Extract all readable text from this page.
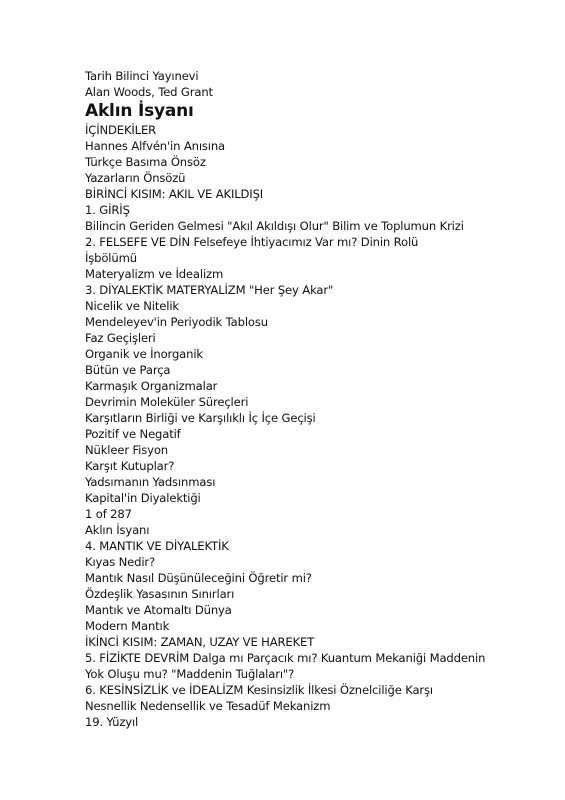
Tarih Bilinci Yayınevi
Alan Woods, Ted Grant
Aklın İsyanı
İÇİNDEKİLER
Hannes Alfvén'in Anısına
Türkçe Basıma Önsöz
Yazarların Önsözü
BİRİNCİ KISIM: AKIL VE AKILDIŞI
1. GİRİŞ
Bilincin Geriden Gelmesi "Akıl Akıldışı Olur" Bilim ve Toplumun Krizi
2. FELSEFE VE DİN Felsefeye İhtiyacımız Var mı? Dinin Rolü
İşbölümü
Materyalizm ve İdealizm
3. DİYALEKTİK MATERYALİZM "Her Şey Akar"
Nicelik ve Nitelik
Mendeleyev'in Periyodik Tablosu
Faz Geçişleri
Organik ve İnorganik
Bütün ve Parça
Karmaşık Organizmalar
Devrimin Moleküler Süreçleri
Karşıtların Birliği ve Karşılıklı İç İçe Geçişi
Pozitif ve Negatif
Nükleer Fisyon
Karşıt Kutuplar?
Yadsımanın Yadsınması
Kapital'in Diyalektiği
1 of 287
Aklın İsyanı
4. MANTIK VE DİYALEKTİK
Kıyas Nedir?
Mantık Nasıl Düşünüleceğini Öğretir mi?
Özdeşlik Yasasının Sınırları
Mantık ve Atomaltı Dünya
Modern Mantık
İKİNCİ KISIM: ZAMAN, UZAY VE HAREKET
5. FİZİKTE DEVRİM Dalga mı Parçacık mı? Kuantum Mekaniği Maddenin
Yok Oluşu mu? "Maddenin Tuğlaları"?
6. KESİNSİZLİK ve İDEALİZM Kesinsizlik İlkesi Öznelciliğe Karşı
Nesnellik Nedensellik ve Tesadüf Mekanizm
19. Yüzyıl
